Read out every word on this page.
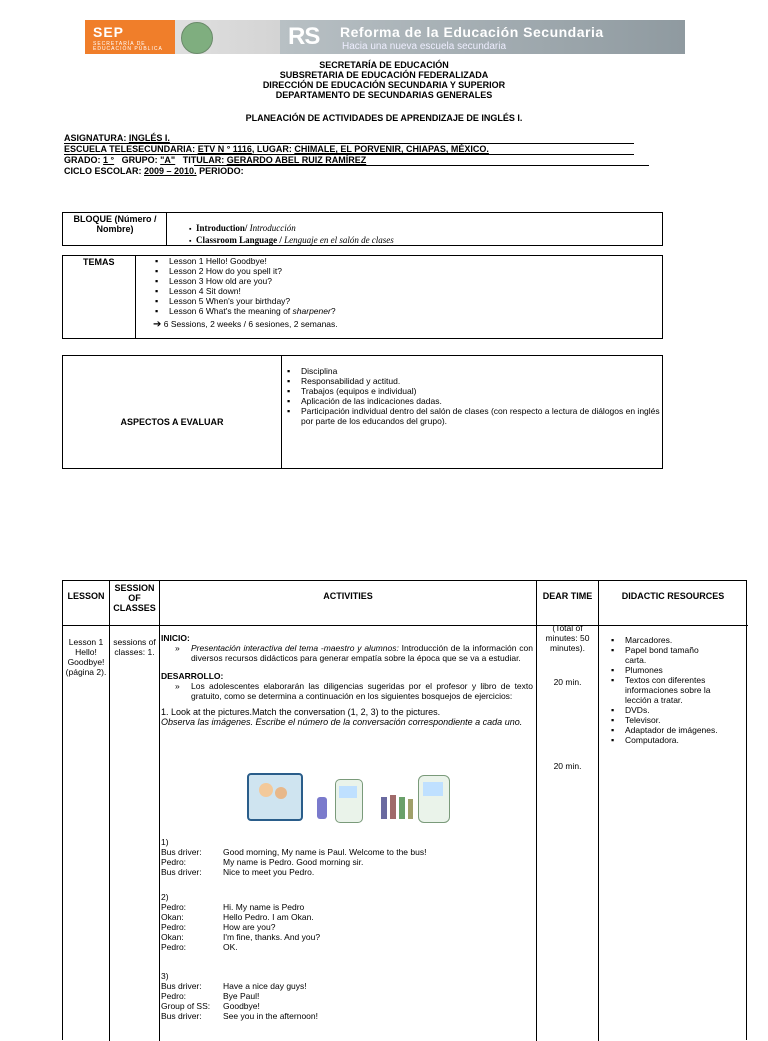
SEP
SECRETARÍA DE EDUCACIÓN PÚBLICA	RS Reforma de la Educación Secundaria
Hacia una nueva escuela secundaria
SECRETARÍA DE EDUCACIÓN
SUBSRETARIA DE EDUCACIÓN FEDERALIZADA
DIRECCIÓN DE EDUCACIÓN SECUNDARIA Y SUPERIOR
DEPARTAMENTO DE SECUNDARIAS GENERALES
PLANEACIÓN DE ACTIVIDADES DE APRENDIZAJE DE INGLÉS I.
ASIGNATURA: INGLÉS I.
ESCUELA TELESECUNDARIA: ETV N ° 1116, LUGAR: CHIMALE, EL PORVENIR, CHIAPAS, MÉXICO.
GRADO: 1 ° GRUPO: "A" TITULAR: GERARDO ABEL RUIZ RAMÍREZ
CICLO ESCOLAR: 2009 – 2010. PERIODO:
BLOQUE (Número / Nombre)	▪ Introduction/ Introducción
▪ Classroom Language / Lenguaje en el salón de clases
TEMAS
▪	Lesson 1 Hello! Goodbye!
▪ Lesson 2 How do you spell it?
▪ Lesson 3 How old are you?
▪ Lesson 4 Sit down!
▪ Lesson 5 When's your birthday?
▪ Lesson 6 What's the meaning of sharpener?
➔ 6 Sessions, 2 weeks / 6 sesiones, 2 semanas.
ASPECTOS A EVALUAR
▪ Disciplina
▪ Responsabilidad y actitud.
▪ Trabajos (equipos e individual)
▪ Aplicación de las indicaciones dadas.
▪ Participación individual dentro del salón de clases (con respecto a lectura de diálogos en inglés por parte de los educandos del grupo).
LESSON
SESSION OF CLASSES
ACTIVITIES	DEAR TIME	DIDACTIC RESOURCES
Lesson 1 Hello! Goodbye! (página 2).
sessions of classes: 1.
INICIO:
» Presentación interactiva del tema -maestro y alumnos: Introducción de la información con diversos recursos didácticos para generar empatía sobre la época que se va a estudiar.
DESARROLLO:
» Los adolescentes elaborarán las diligencias sugeridas por el profesor y libro de texto gratuito, como se determina a continuación en los siguientes bosquejos de ejercicios:
1. Look at the pictures.Match the conversation (1, 2, 3) to the pictures.
Observa las imágenes. Escribe el número de la conversación correspondiente a cada uno.
1)
Bus driver:	Good morning, My name is Paul. Welcome to the bus!
Pedro:	My name is Pedro. Good morning sir.
Bus driver:	Nice to meet you Pedro.
2)
Pedro:	Hi. My name is Pedro
Okan:	Hello Pedro. I am Okan.
Pedro:	How are you?
Okan:	I'm fine, thanks. And you?
Pedro:	OK.
3)
Bus driver:	Have a nice day guys!
Pedro:	Bye Paul!
Group of SS:	Goodbye!
Bus driver:	See you in the afternoon!
(Total of minutes: 50 minutes).
20 min.
20 min.
▪ Marcadores.
▪ Papel bond tamaño carta.
▪ Plumones
▪ Textos con diferentes informaciones sobre la lección a tratar.
▪ DVDs.
▪ Televisor.
▪ Adaptador de imágenes.
▪ Computadora.
